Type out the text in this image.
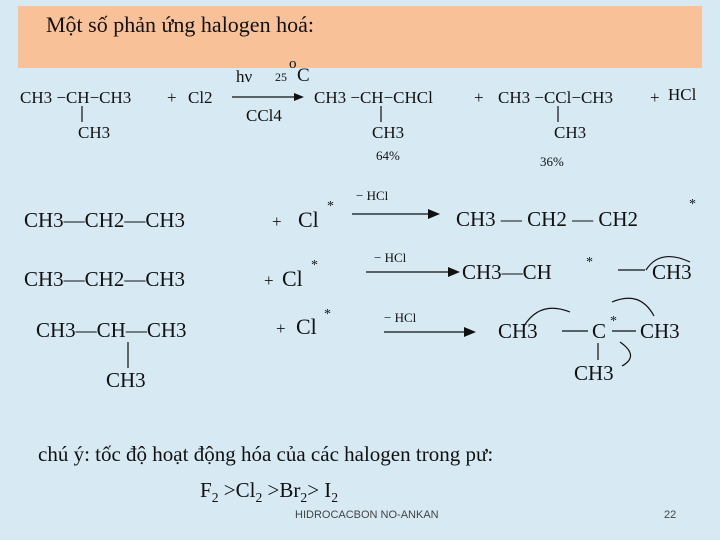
Một số phản ứng halogen hoá:
CH3 −CH−CH3
CH3
+ Cl2
hν 25
o
C
CCl4
CH3 −CH−CHCl
CH3
64%
+ CH3 −CCl−CH3
CH3
36%
+ HCl
CH3—CH2—CH3	+ Cl
*
− HCl
CH3 — CH2 — CH2
*
CH3—CH2—CH3	+ Cl
*
− HCl
CH3—CH *	CH3
CH3—CH—CH3
CH3
+ Cl *	− HCl
CH3	C * CH3
CH3
chú ý: tốc độ hoạt động hóa của các halogen trong pư:
$F_2 >Cl_2 >Br_2> I_2$
HIDROCACBON NO-ANKAN	22
